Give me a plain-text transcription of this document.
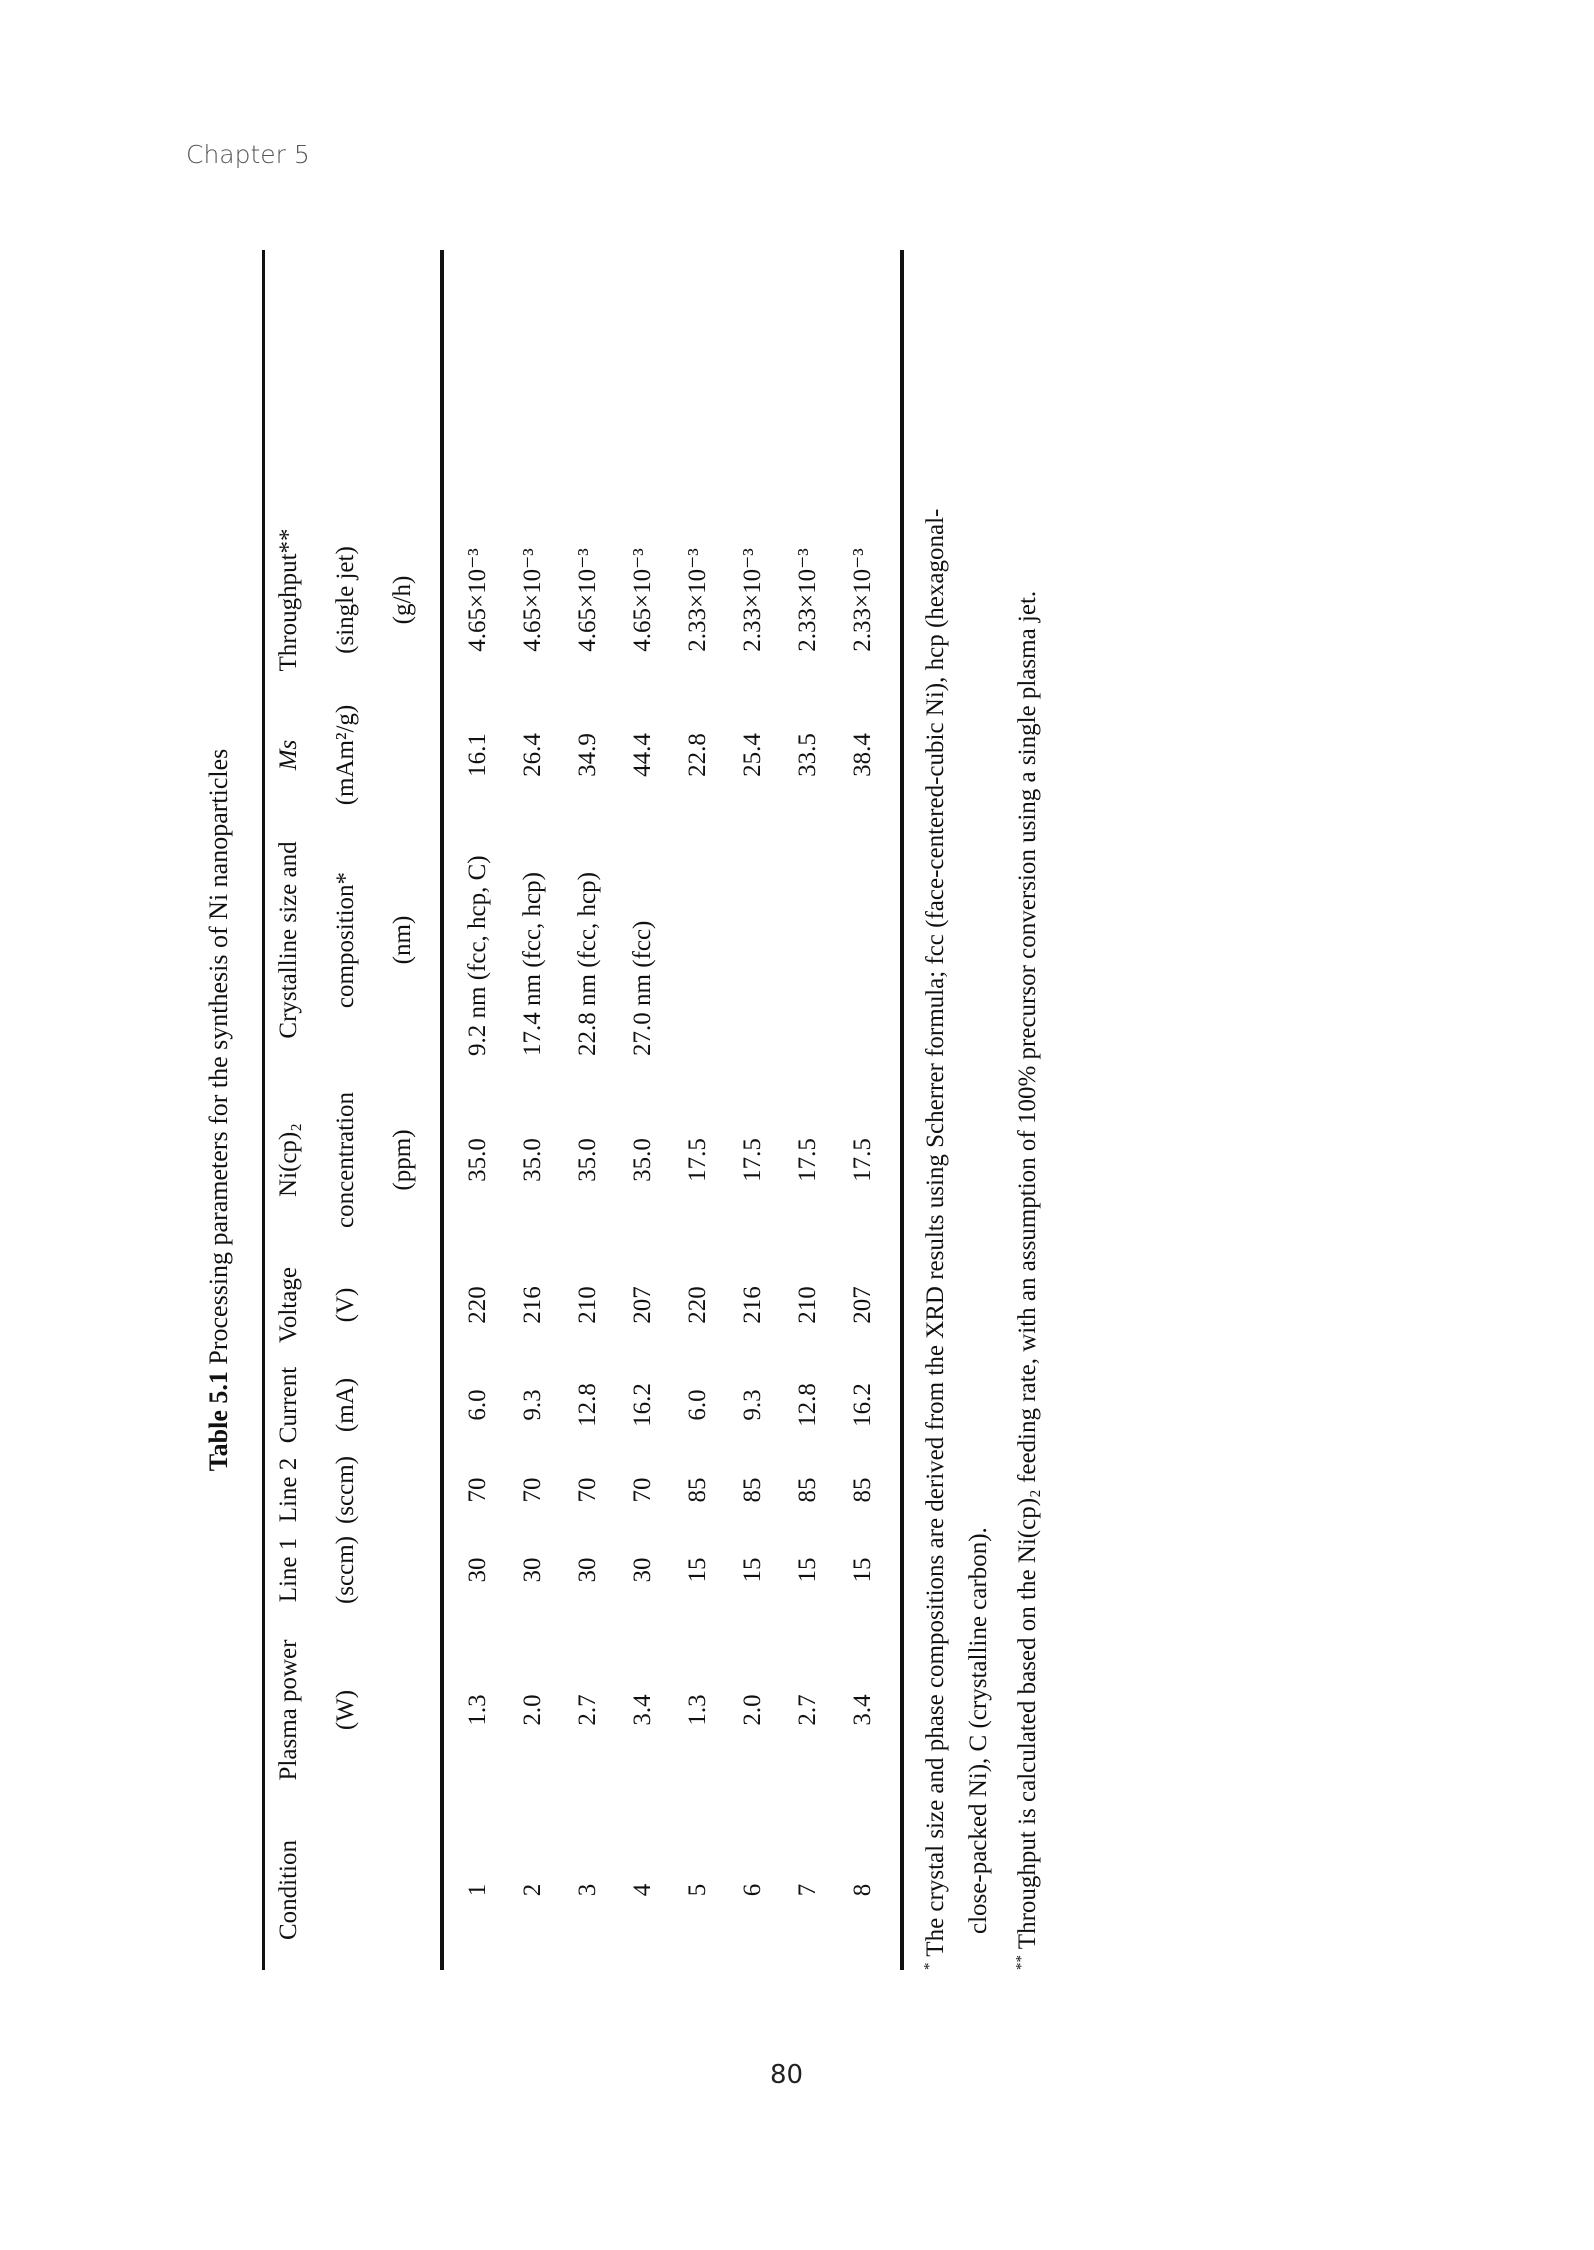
Chapter 5
Table 5.1 Processing parameters for the synthesis of Ni nanoparticles
Condition
Plasma power
Line 1
Line 2
Current
Voltage
Ni(cp)₂
Crystalline size and
Ms
Throughput**
(W)
(sccm)
(sccm)
(mA)
(V)
concentration
composition*
(mAm²/g)
(single jet)
(ppm)
(nm)
(g/h)
1
1.3
30
70
6.0
220
35.0
9.2 nm (fcc, hcp, C)
16.1
4.65×10⁻³
2
2.0
30
70
9.3
216
35.0
17.4 nm (fcc, hcp)
26.4
4.65×10⁻³
3
2.7
30
70
12.8
210
35.0
22.8 nm (fcc, hcp)
34.9
4.65×10⁻³
4
3.4
30
70
16.2
207
35.0
27.0 nm (fcc)
44.4
4.65×10⁻³
5
1.3
15
85
6.0
220
17.5
22.8
2.33×10⁻³
6
2.0
15
85
9.3
216
17.5
25.4
2.33×10⁻³
7
2.7
15
85
12.8
210
17.5
33.5
2.33×10⁻³
8
3.4
15
85
16.2
207
17.5
38.4
2.33×10⁻³
* The crystal size and phase compositions are derived from the XRD results using Scherrer formula; fcc (face-centered-cubic Ni), hcp (hexagonal- close-packed Ni), C (crystalline carbon).
** Throughput is calculated based on the Ni(cp)₂ feeding rate, with an assumption of 100% precursor conversion using a single plasma jet.
80
